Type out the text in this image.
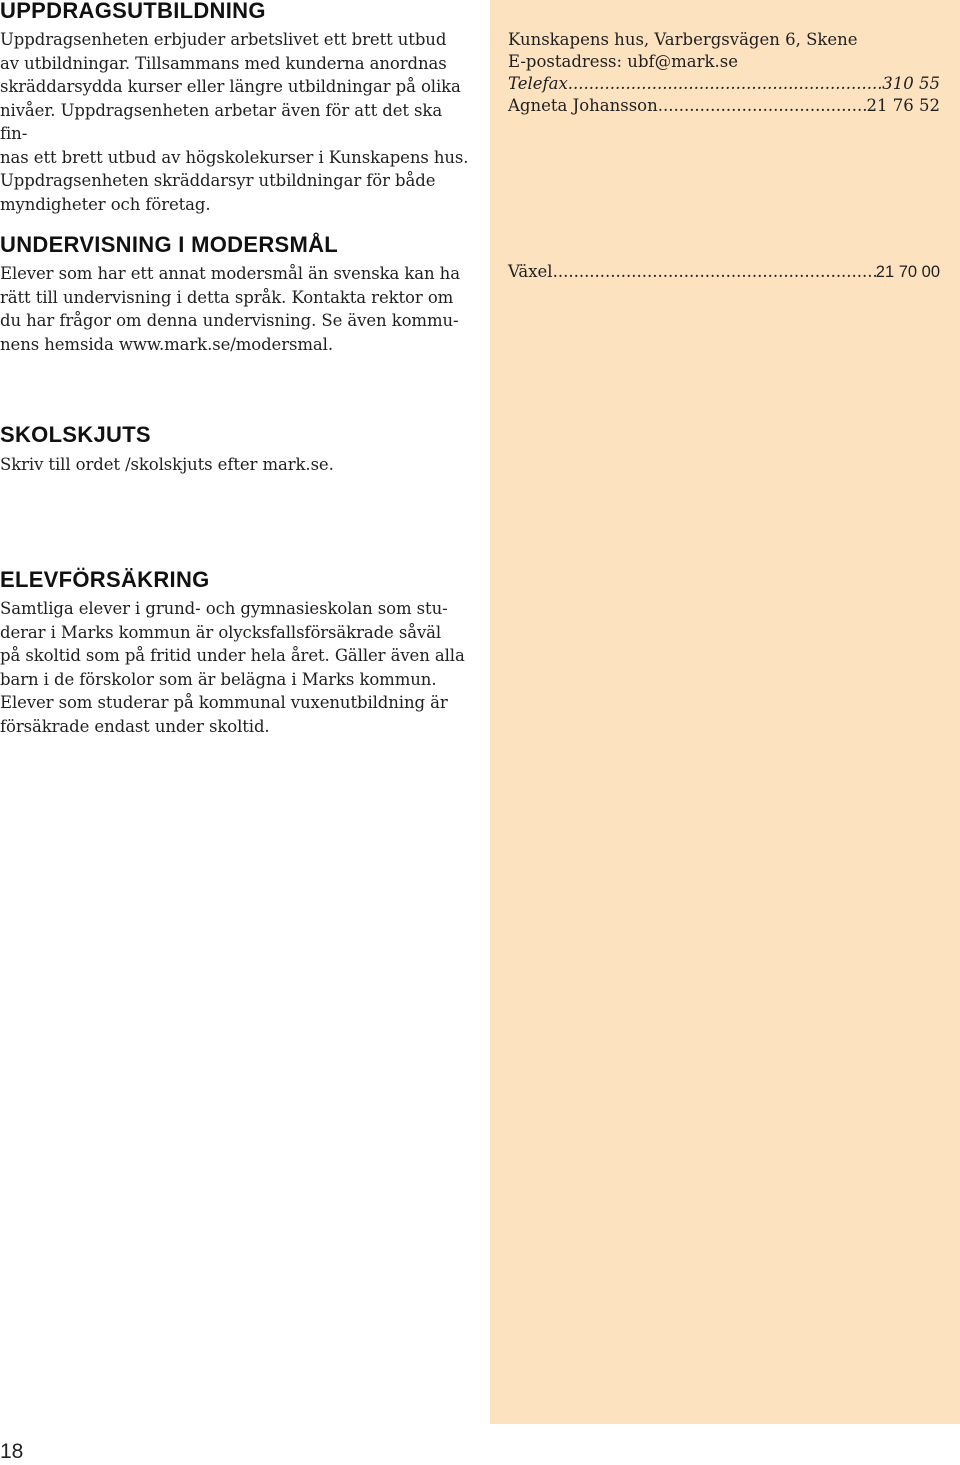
UPPDRAGSUTBILDNING

Uppdragsenheten erbjuder arbetslivet ett brett utbud
av utbildningar. Tillsammans med kunderna anordnas
skräddarsydda kurser eller längre utbildningar på olika
nivåer. Uppdragsenheten arbetar även för att det ska fin-
nas ett brett utbud av högskolekurser i Kunskapens hus.
Uppdragsenheten skräddarsyr utbildningar för både
myndigheter och företag.

Kunskapens hus, Varbergsvägen 6, Skene
E-postadress: ubf@mark.se
Telefax .....	310 55
Agneta Johansson .....	21 76 52
UNDERVISNING I MODERSMÅL

Elever som har ett annat modersmål än svenska kan ha
rätt till undervisning i detta språk. Kontakta rektor om
du har frågor om denna undervisning. Se även kommu-
nens hemsida www.mark.se/modersmal.

Växel .....	21 70 00
SKOLSKJUTS

Skriv till ordet /skolskjuts efter mark.se.

ELEVFÖRSÄKRING

Samtliga elever i grund- och gymnasieskolan som stu-
derar i Marks kommun är olycksfallsförsäkrade såväl
på skoltid som på fritid under hela året. Gäller även alla
barn i de förskolor som är belägna i Marks kommun.
Elever som studerar på kommunal vuxenutbildning är
försäkrade endast under skoltid.

18
